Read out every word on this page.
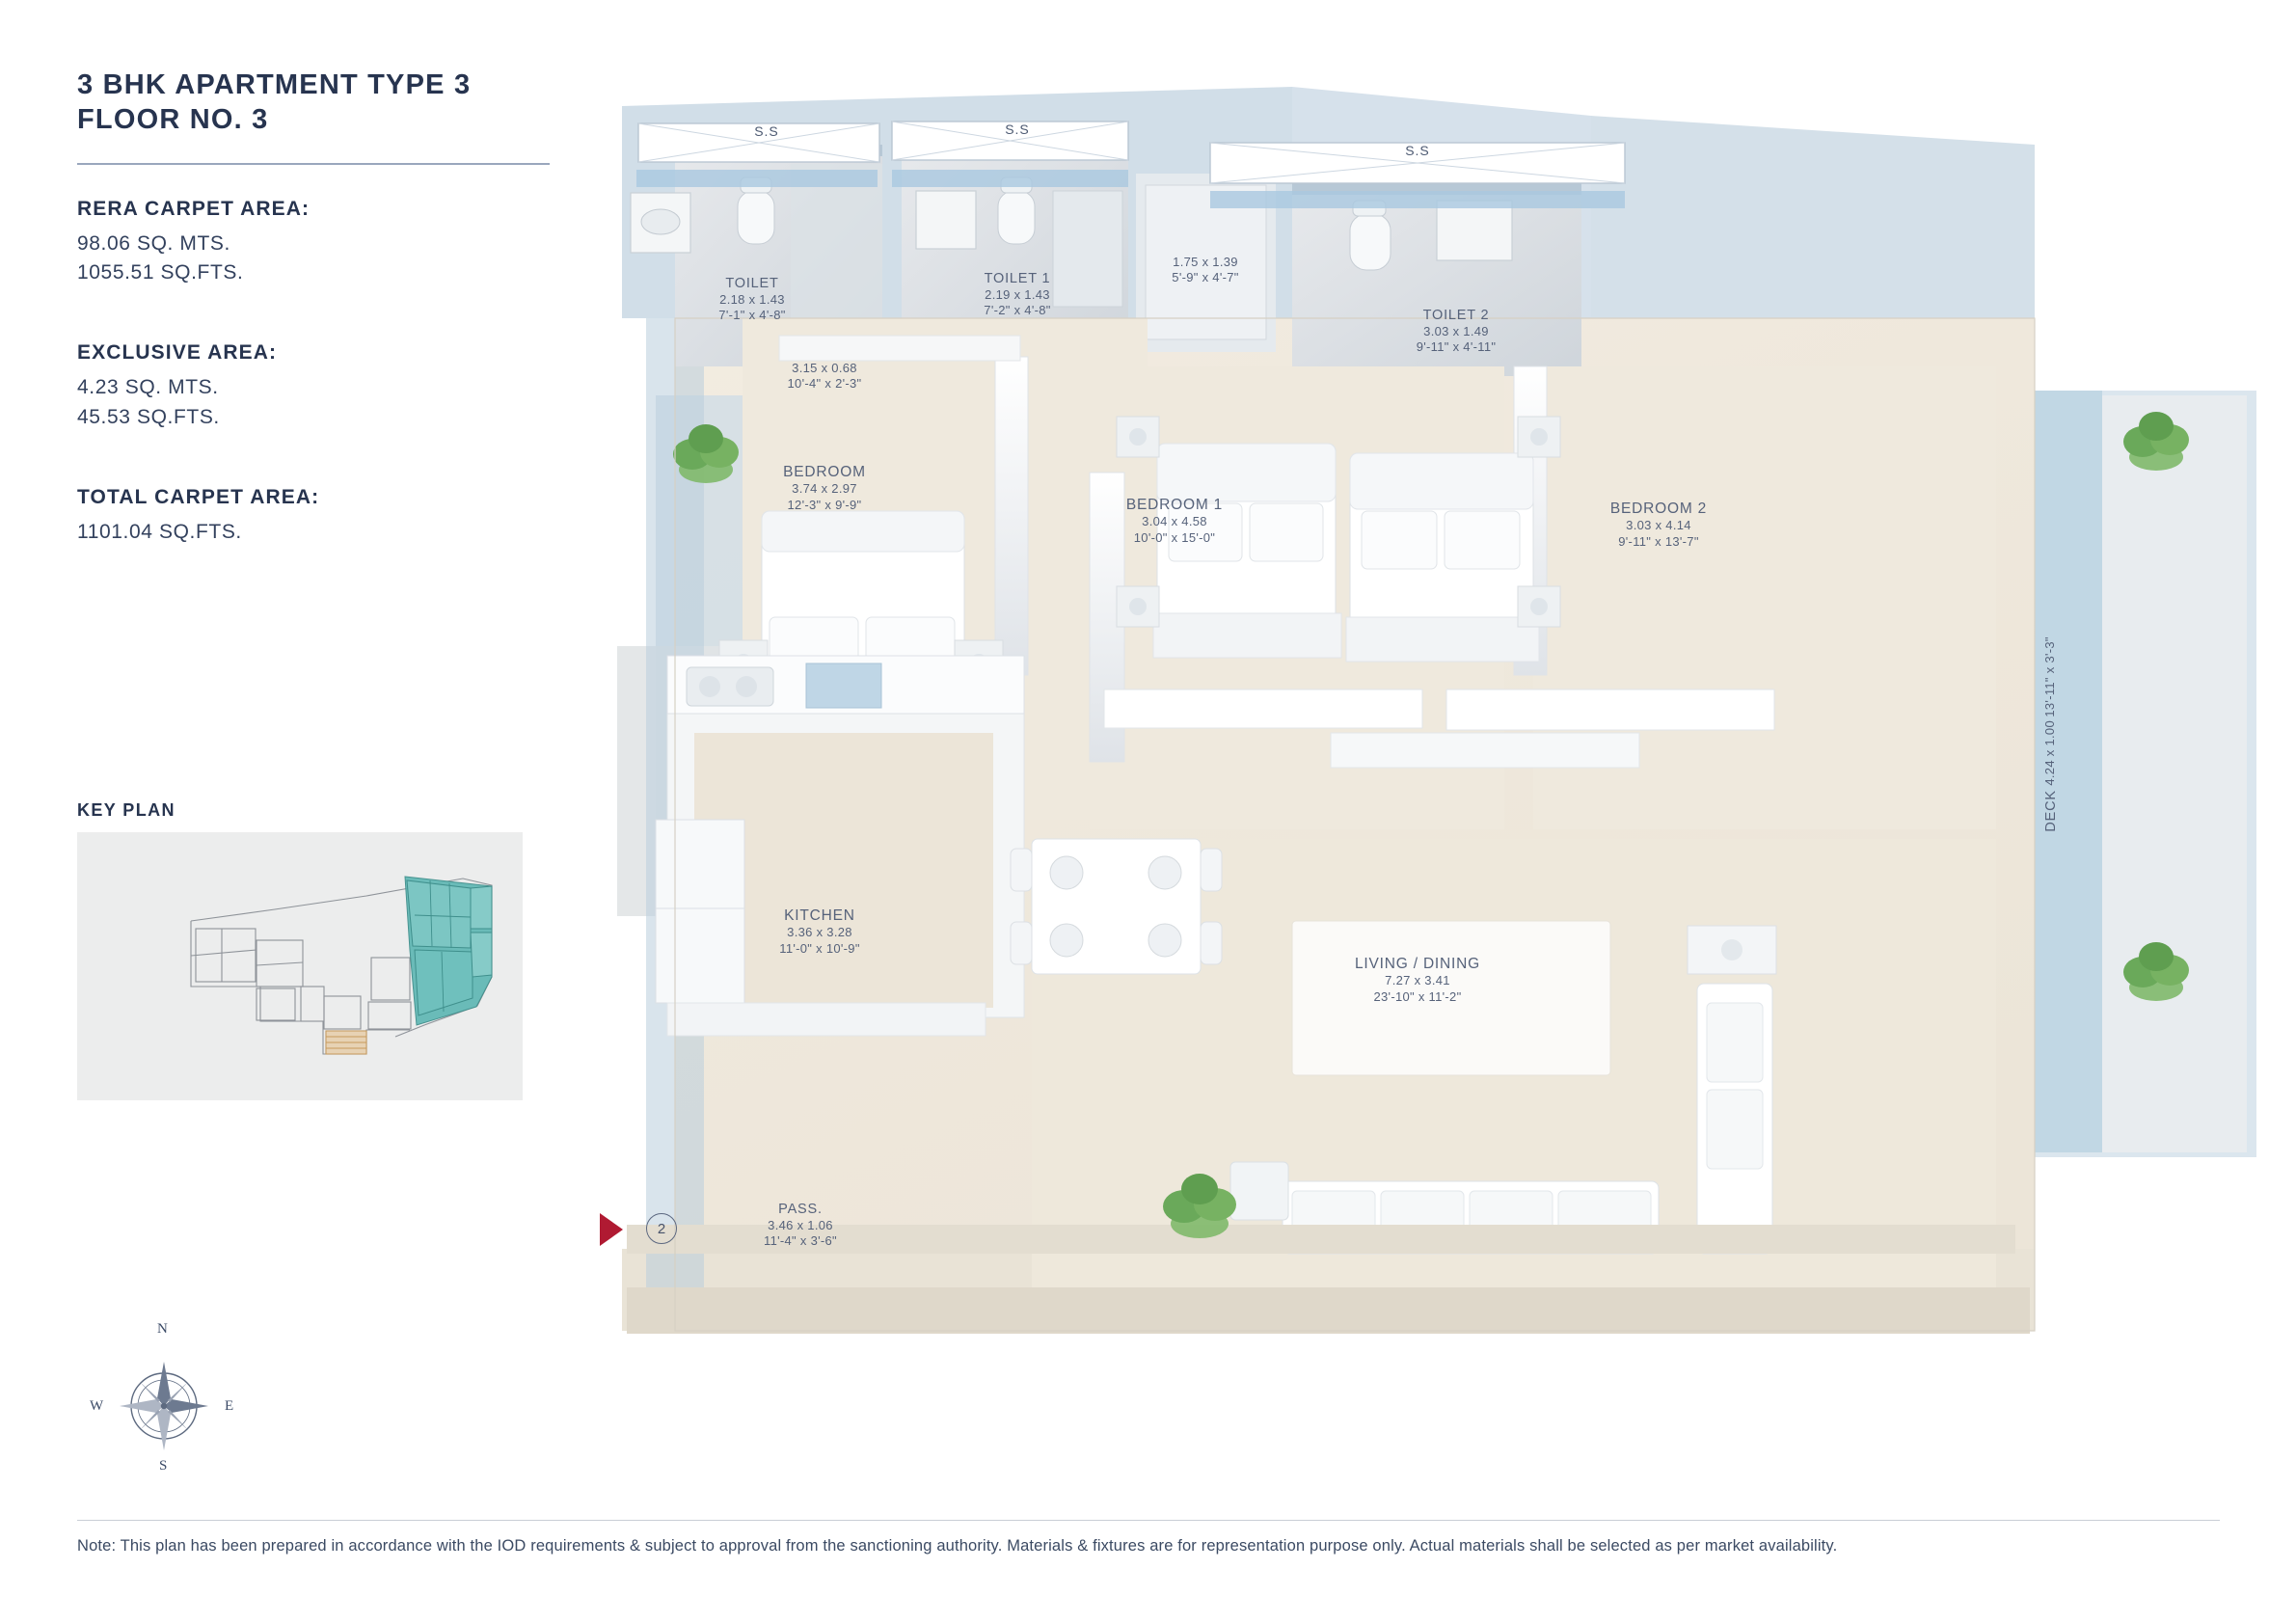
3 BHK APARTMENT TYPE 3
FLOOR NO. 3
RERA CARPET AREA:
98.06 SQ. MTS.
1055.51 SQ.FTS.
EXCLUSIVE AREA:
4.23 SQ. MTS.
45.53 SQ.FTS.
TOTAL CARPET AREA:
1101.04 SQ.FTS.
KEY PLAN
N
S
E
W
S.S	S.S
S.S
TOILET
2.18 x 1.43
7'-1" x 4'-8"
TOILET 1
2.19 x 1.43
7'-2" x 4'-8"
1.75 x 1.39
5'-9" x 4'-7"
TOILET 2
3.03 x 1.49
9'-11" x 4'-11"
3.15 x 0.68
10'-4" x 2'-3"
BEDROOM
3.74 x 2.97
12'-3" x 9'-9"	BEDROOM 1
3.04 x 4.58
10'-0" x 15'-0"
BEDROOM 2
3.03 x 4.14
9'-11" x 13'-7"
DECK
4.24 x 1.00
13'-11" x 3'-3"
KITCHEN
3.36 x 3.28
11'-0" x 10'-9"
LIVING / DINING
7.27 x 3.41
23'-10" x 11'-2"
PASS.
3.46 x 1.06
11'-4" x 3'-6"
2
Note: This plan has been prepared in accordance with the IOD requirements & subject to approval from the sanctioning authority. Materials & fixtures are for representation purpose only. Actual materials shall be selected as per market availability.
